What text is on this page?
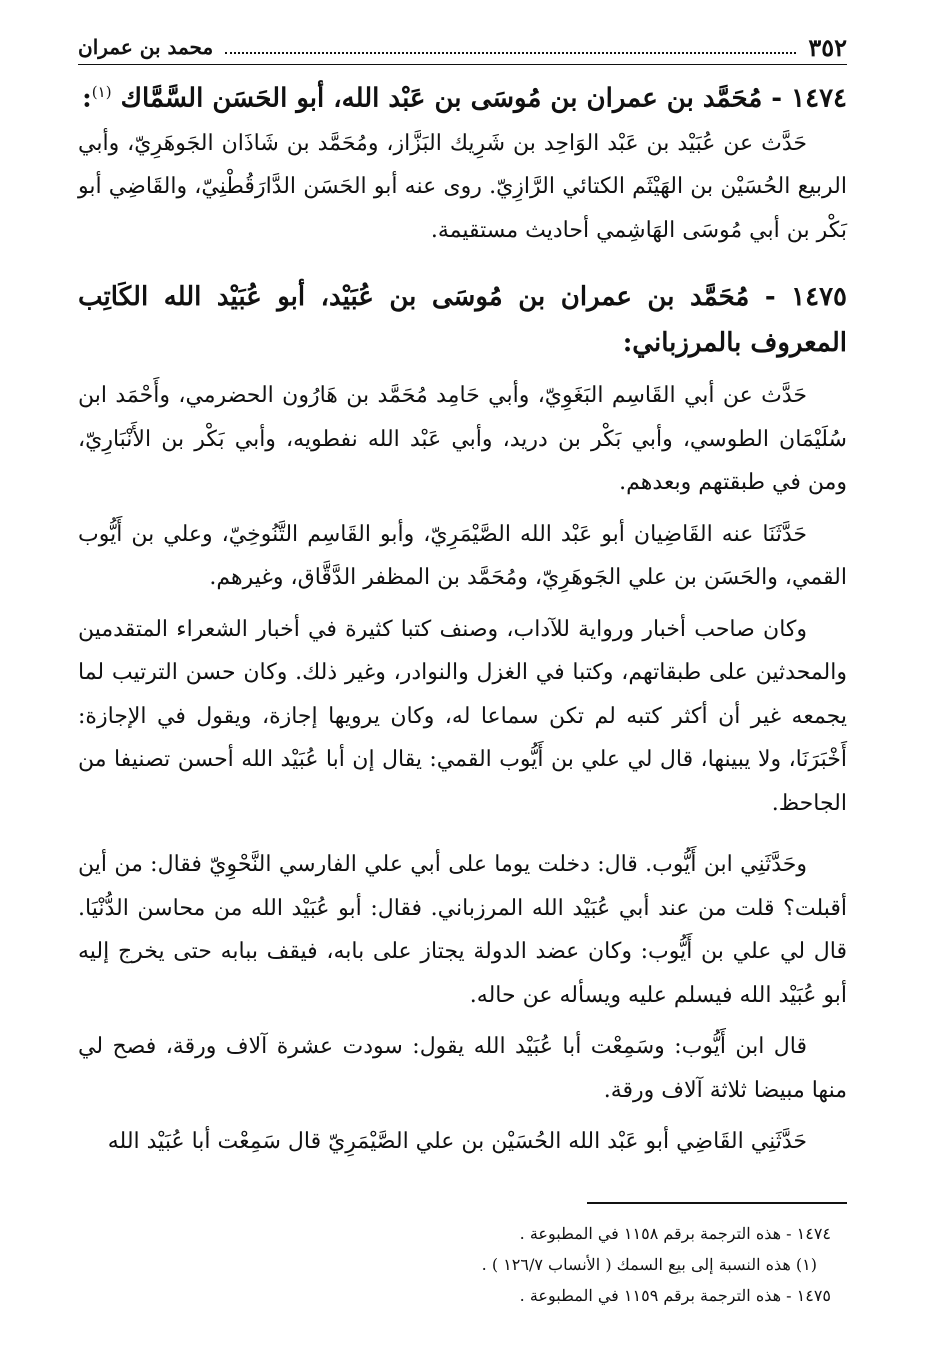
٣٥٢
محمد بن عمران
١٤٧٤ - مُحَمَّد بن عمران بن مُوسَى بن عَبْد الله، أبو الحَسَن السَّمَّاك $^{(١)}$:

حَدَّث عن عُبَيْد بن عَبْد الوَاحِد بن شَرِيك البَزَّاز، ومُحَمَّد بن شَاذَان الجَوهَرِيّ، وأبي الربيع الحُسَيْن بن الهَيْثَم الكتائي الرَّازِيّ. روى عنه أبو الحَسَن الدَّارَقُطْنِيّ، والقَاضِي أبو بَكْر بن أبي مُوسَى الهَاشِمي أحاديث مستقيمة.

١٤٧٥ - مُحَمَّد بن عمران بن مُوسَى بن عُبَيْد، أبو عُبَيْد الله الكَاتِب المعروف بالمرزباني:

حَدَّث عن أبي القَاسِم البَغَوِيّ، وأبي حَامِد مُحَمَّد بن هَارُون الحضرمي، وأَحْمَد ابن سُلَيْمَان الطوسي، وأبي بَكْر بن دريد، وأبي عَبْد الله نفطويه، وأبي بَكْر بن الأَنْبَارِيّ، ومن في طبقتهم وبعدهم.

حَدَّثَنَا عنه القَاضِيان أبو عَبْد الله الصَّيْمَرِيّ، وأبو القَاسِم التَّنُوخِيّ، وعلي بن أَيُّوب القمي، والحَسَن بن علي الجَوهَرِيّ، ومُحَمَّد بن المظفر الدَّقَّاق، وغيرهم.

وكان صاحب أخبار ورواية للآداب، وصنف كتبا كثيرة في أخبار الشعراء المتقدمين والمحدثين على طبقاتهم، وكتبا في الغزل والنوادر، وغير ذلك. وكان حسن الترتيب لما يجمعه غير أن أكثر كتبه لم تكن سماعا له، وكان يرويها إجازة، ويقول في الإجازة: أَخْبَرَنَا، ولا يبينها، قال لي علي بن أَيُّوب القمي: يقال إن أبا عُبَيْد الله أحسن تصنيفا من الجاحظ.

وحَدَّثَنِي ابن أَيُّوب. قال: دخلت يوما على أبي علي الفارسي النَّحْوِيّ فقال: من أين أقبلت؟ قلت من عند أبي عُبَيْد الله المرزباني. فقال: أبو عُبَيْد الله من محاسن الدُّنْيَا. قال لي علي بن أَيُّوب: وكان عضد الدولة يجتاز على بابه، فيقف ببابه حتى يخرج إليه أبو عُبَيْد الله فيسلم عليه ويسأله عن حاله.

قال ابن أَيُّوب: وسَمِعْت أبا عُبَيْد الله يقول: سودت عشرة آلاف ورقة، فصح لي منها مبيضا ثلاثة آلاف ورقة.

حَدَّثَنِي القَاضِي أبو عَبْد الله الحُسَيْن بن علي الصَّيْمَرِيّ قال سَمِعْت أبا عُبَيْد الله

١٤٧٤ - هذه الترجمة برقم ١١٥٨ في المطبوعة .
(١) هذه النسبة إلى بيع السمك ( الأنساب ١٢٦/٧ ) .
١٤٧٥ - هذه الترجمة برقم ١١٥٩ في المطبوعة .
